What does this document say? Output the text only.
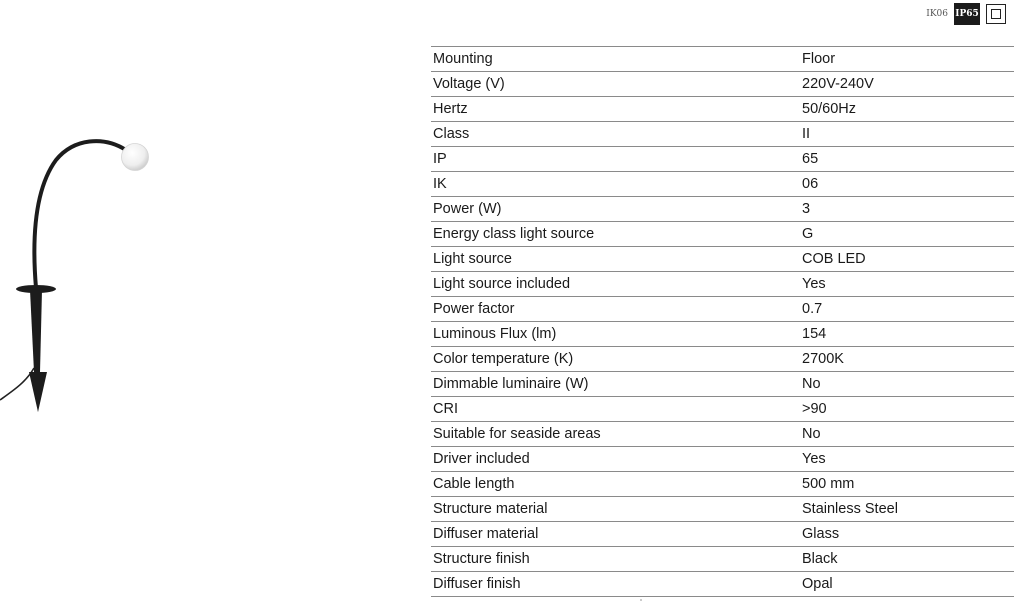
IK06 IP65
Mounting	Floor
Voltage (V)	220V-240V
Hertz	50/60Hz
Class	II
IP	65
IK	06
Power (W)	3
Energy class light source	G
Light source	COB LED
Light source included	Yes
Power factor	0.7
Luminous Flux (lm)	154
Color temperature (K)	2700K
Dimmable luminaire (W)	No
CRI	>90
Suitable for seaside areas	No
Driver included	Yes
Cable length	500 mm
Structure material	Stainless Steel
Diffuser material	Glass
Structure finish	Black
Diffuser finish	Opal
